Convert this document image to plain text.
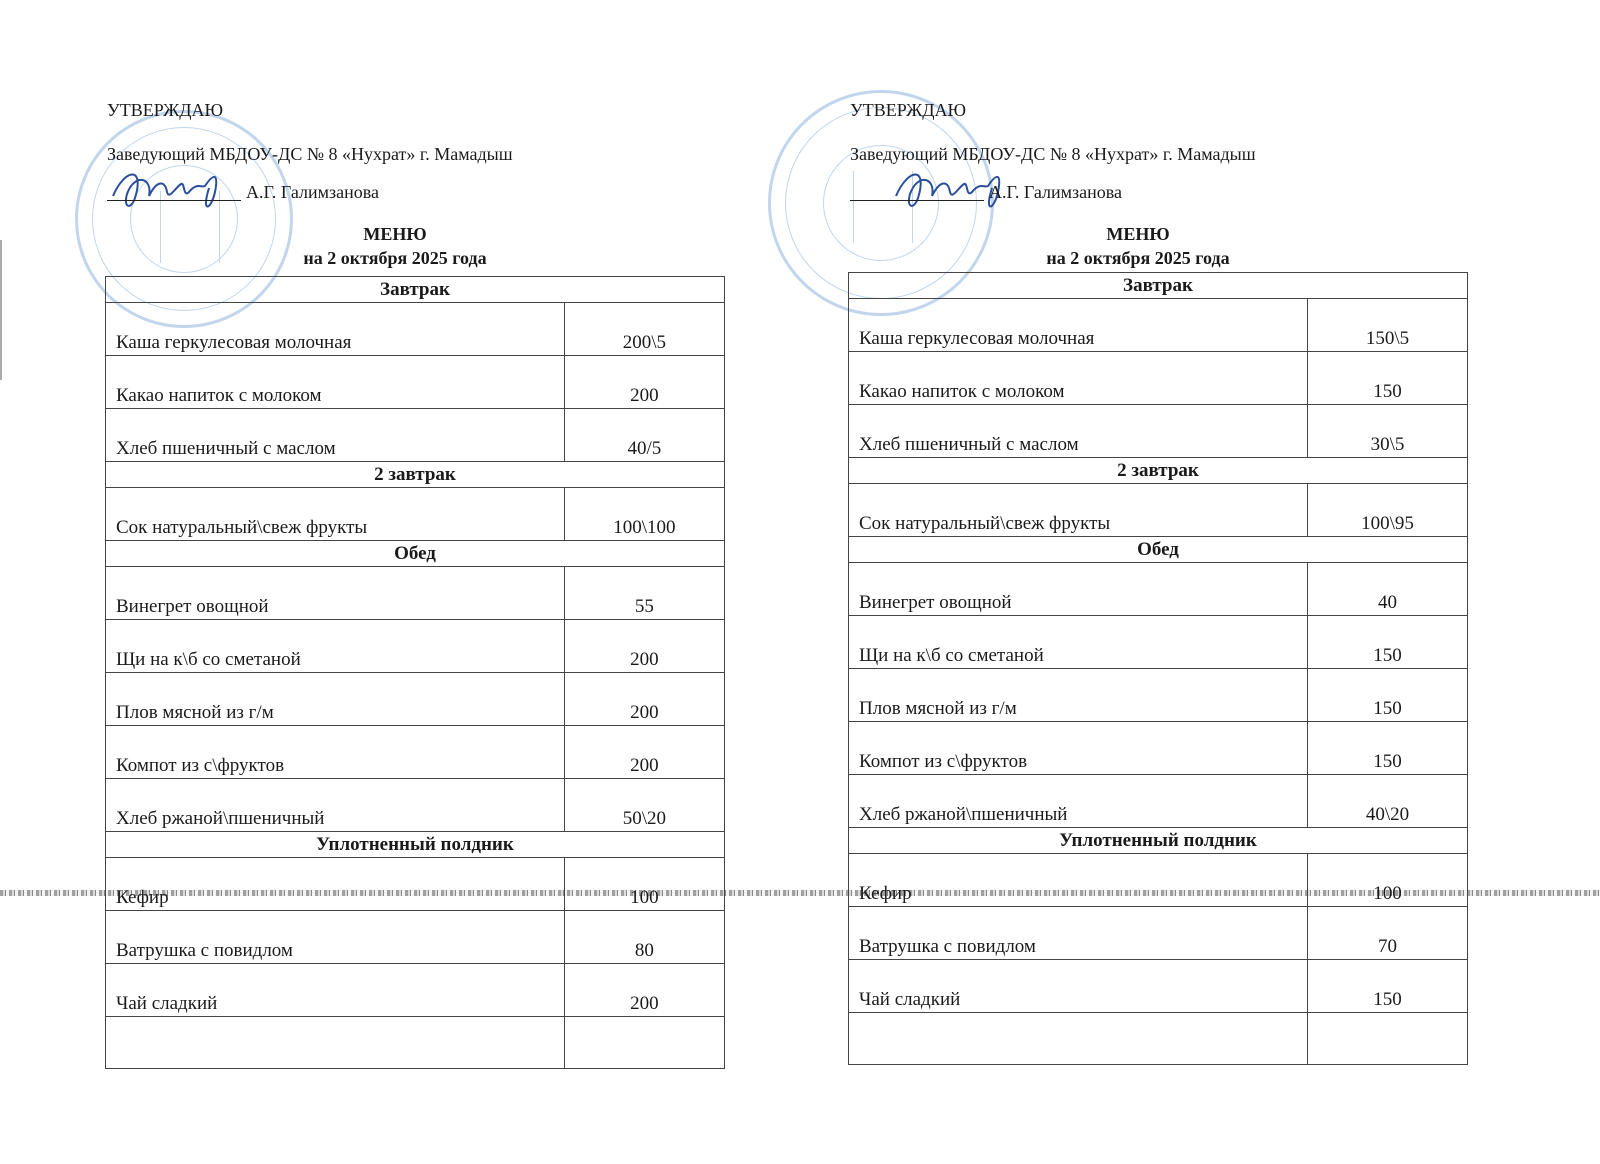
УТВЕРЖДАЮ
Заведующий МБДОУ-ДС № 8 «Нухрат» г. Мамадыш
А.Г. Галимзанова
МЕНЮ
на 2 октября 2025 года
Завтрак	
Каша геркулесовая молочная	200\5
Какао напиток с молоком	200
Хлеб пшеничный с маслом	40/5
2 завтрак	
Сок натуральный\свеж фрукты	100\100
Обед	
Винегрет овощной	55
Щи на к\б со сметаной	200
Плов мясной из г/м	200
Компот из с\фруктов	200
Хлеб ржаной\пшеничный	50\20
Уплотненный полдник	
Кефир	100
Ватрушка с повидлом	80
Чай сладкий	200

УТВЕРЖДАЮ
Заведующий МБДОУ-ДС № 8 «Нухрат» г. Мамадыш
А.Г. Галимзанова
МЕНЮ
на 2 октября 2025 года
Завтрак	
Каша геркулесовая молочная	150\5
Какао напиток с молоком	150
Хлеб пшеничный с маслом	30\5
2 завтрак	
Сок натуральный\свеж фрукты	100\95
Обед	
Винегрет овощной	40
Щи на к\б со сметаной	150
Плов мясной из г/м	150
Компот из с\фруктов	150
Хлеб ржаной\пшеничный	40\20
Уплотненный полдник	
Кефир	100
Ватрушка с повидлом	70
Чай сладкий	150
